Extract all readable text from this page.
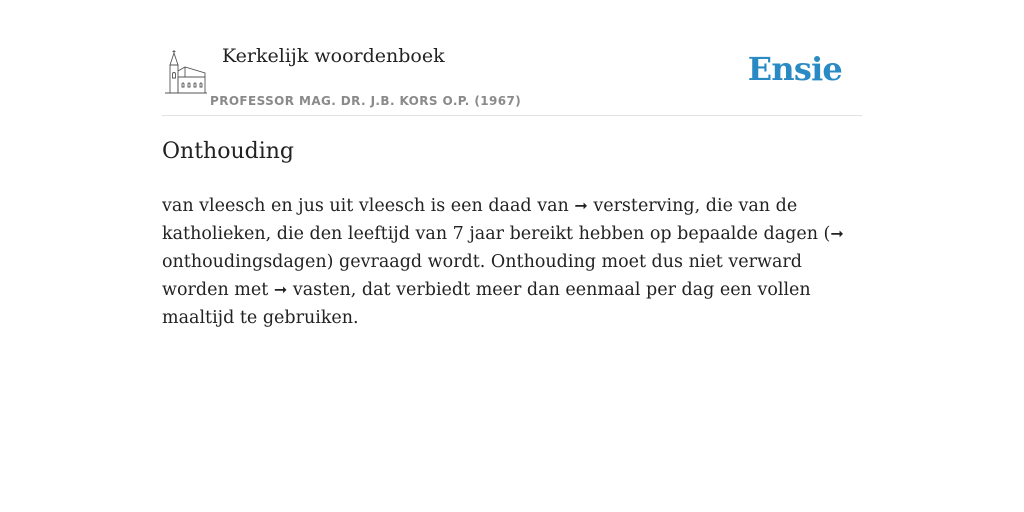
Kerkelijk woordenboek
PROFESSOR MAG. DR. J.B. KORS O.P. (1967)
Ensie
Onthouding

van vleesch en jus uit vleesch is een daad van ➞ versterving, die van de katholieken, die den leeftijd van 7 jaar bereikt hebben op bepaalde dagen (➞ onthoudingsdagen) gevraagd wordt. Onthouding moet dus niet verward worden met ➞ vasten, dat verbiedt meer dan eenmaal per dag een vollen maaltijd te gebruiken.
